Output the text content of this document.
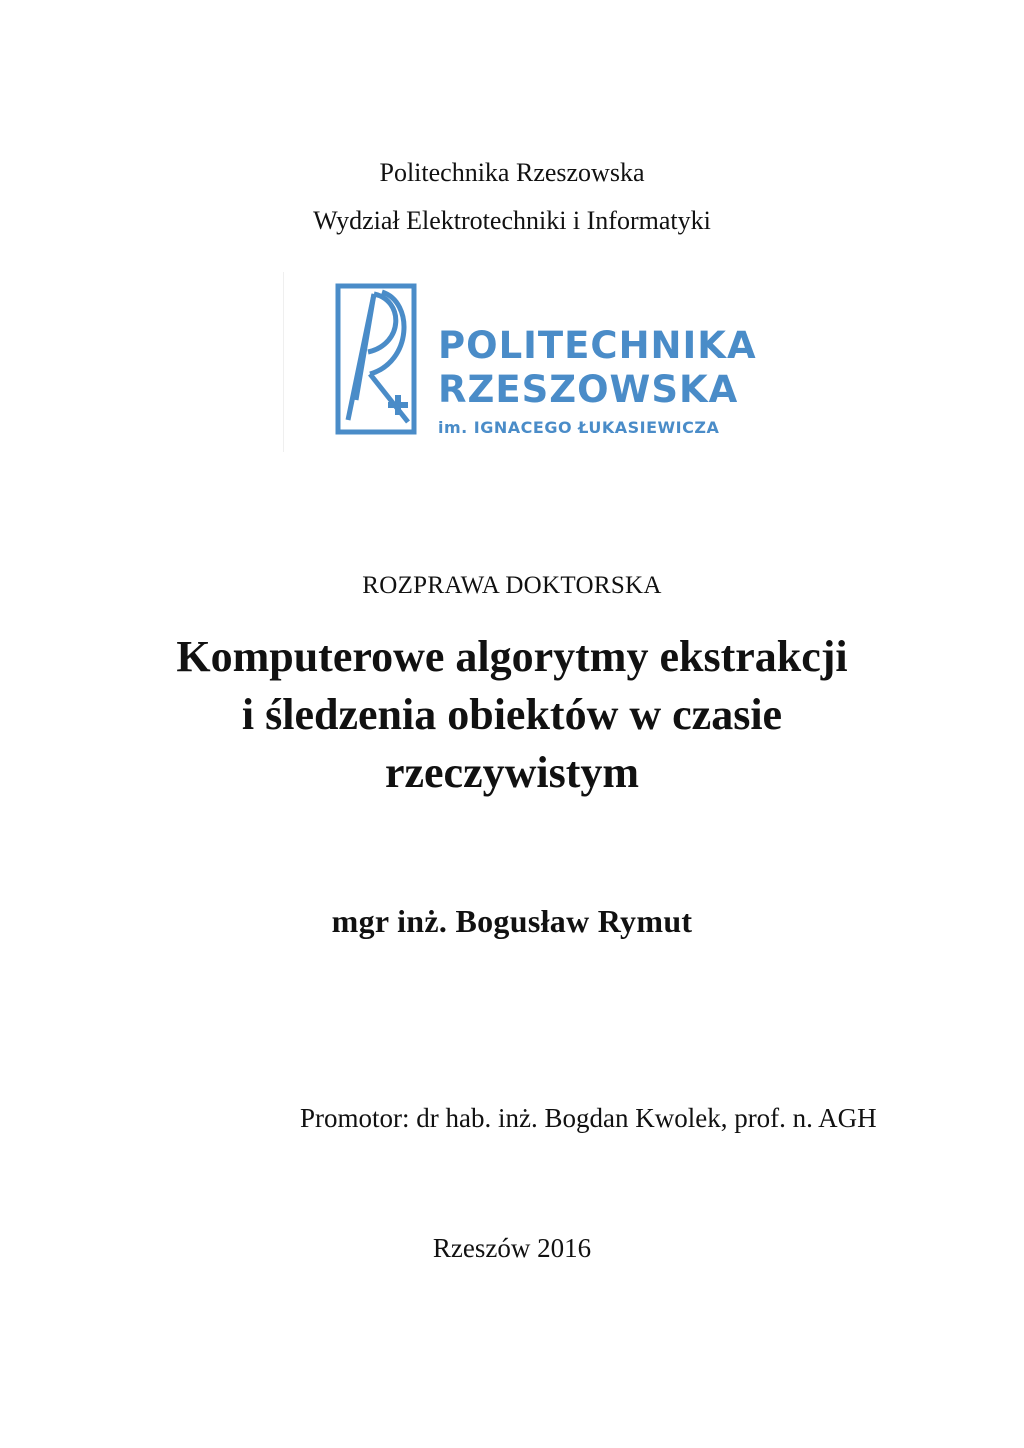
Politechnika Rzeszowska
Wydział Elektrotechniki i Informatyki
POLITECHNIKA
RZESZOWSKA
im. IGNACEGO ŁUKASIEWICZA
ROZPRAWA DOKTORSKA
Komputerowe algorytmy ekstrakcji
i śledzenia obiektów w czasie
rzeczywistym
mgr inż. Bogusław Rymut
Promotor: dr hab. inż. Bogdan Kwolek, prof. n. AGH
Rzeszów 2016
